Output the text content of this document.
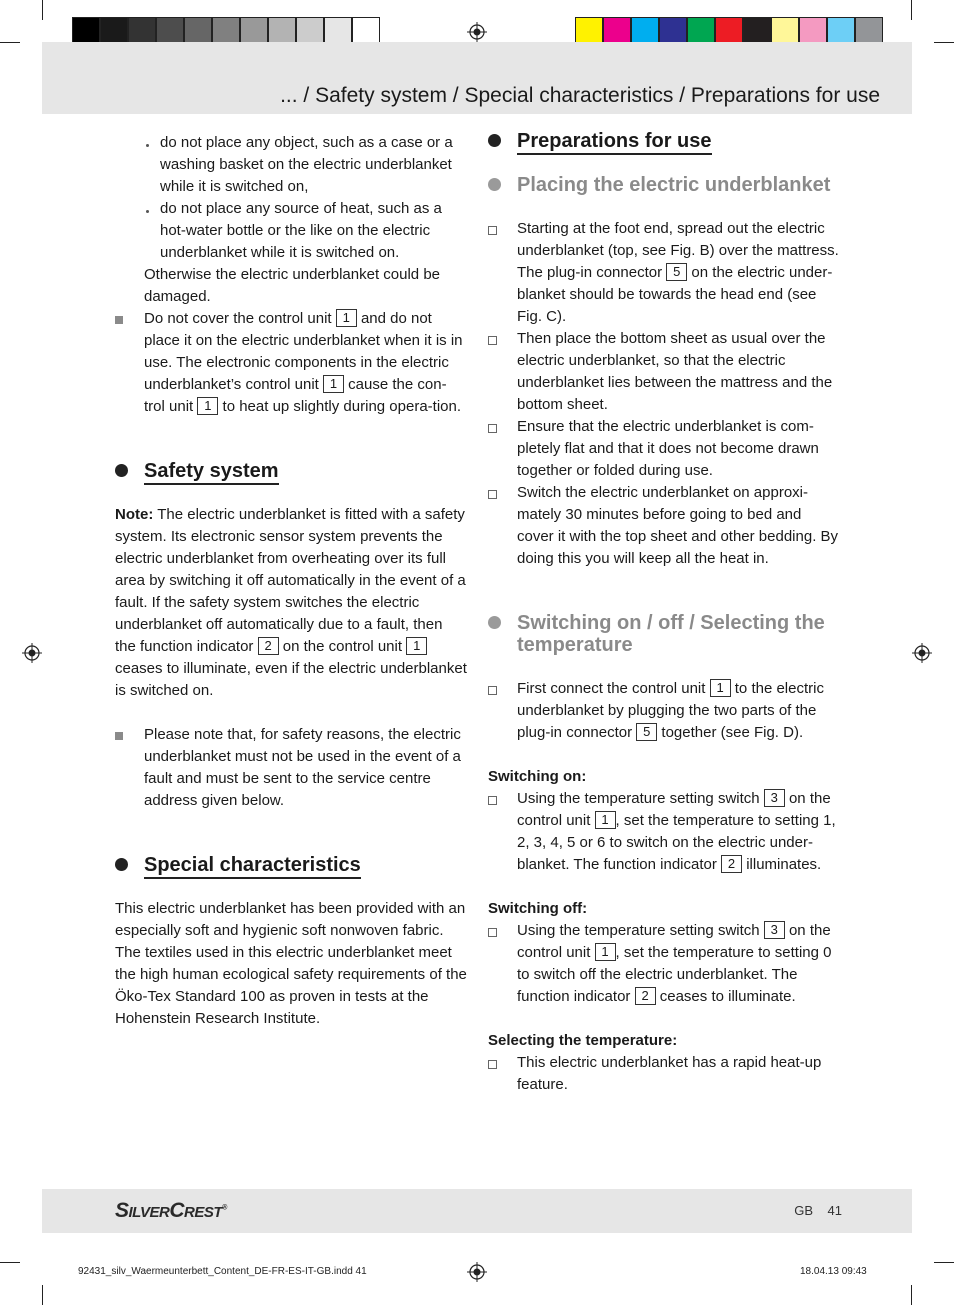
... / Safety system / Special characteristics / Preparations for use
do not place any object, such as a case or a washing basket on the electric underblanket while it is switched on,
do not place any source of heat, such as a hot-water bottle or the like on the electric underblanket while it is switched on.

Otherwise the electric underblanket could be damaged.

Do not cover the control unit 1 and do not place it on the electric underblanket when it is in use. The electronic components in the electric underblanket’s control unit 1 cause the con-trol unit 1 to heat up slightly during opera-tion.
Safety system

Note: The electric underblanket is fitted with a safety system. Its electronic sensor system prevents the electric underblanket from overheating over its full area by switching it off automatically in the event of a fault. If the safety system switches the electric underblanket off automatically due to a fault, then the function indicator 2 on the control unit 1 ceases to illuminate, even if the electric underblanket is switched on.

Please note that, for safety reasons, the electric underblanket must not be used in the event of a fault and must be sent to the service centre address given below.
Special characteristics

This electric underblanket has been provided with an especially soft and hygienic soft nonwoven fabric. The textiles used in this electric underblanket meet the high human ecological safety requirements of the Öko-Tex Standard 100 as proven in tests at the Hohenstein Research Institute.

Preparations for use
Placing the electric underblanket
Starting at the foot end, spread out the electric underblanket (top, see Fig. B) over the mattress. The plug-in connector 5 on the electric under-blanket should be towards the head end (see Fig. C).
Then place the bottom sheet as usual over the electric underblanket, so that the electric underblanket lies between the mattress and the bottom sheet.
Ensure that the electric underblanket is com-pletely flat and that it does not become drawn together or folded during use.
Switch the electric underblanket on approxi-mately 30 minutes before going to bed and cover it with the top sheet and other bedding. By doing this you will keep all the heat in.
Switching on / off / Selecting the temperature
First connect the control unit 1 to the electric underblanket by plugging the two parts of the plug-in connector 5 together (see Fig. D).

Switching on:

Using the temperature setting switch 3 on the control unit 1 , set the temperature to setting 1, 2, 3, 4, 5 or 6 to switch on the electric under-blanket. The function indicator 2 illuminates.

Switching off:

Using the temperature setting switch 3 on the control unit 1 , set the temperature to setting 0 to switch off the electric underblanket. The function indicator 2 ceases to illuminate.

Selecting the temperature:

This electric underblanket has a rapid heat-up feature.
SILVERCREST®	GB 41
92431_silv_Waermeunterbett_Content_DE-FR-ES-IT-GB.indd 41	18.04.13 09:43
